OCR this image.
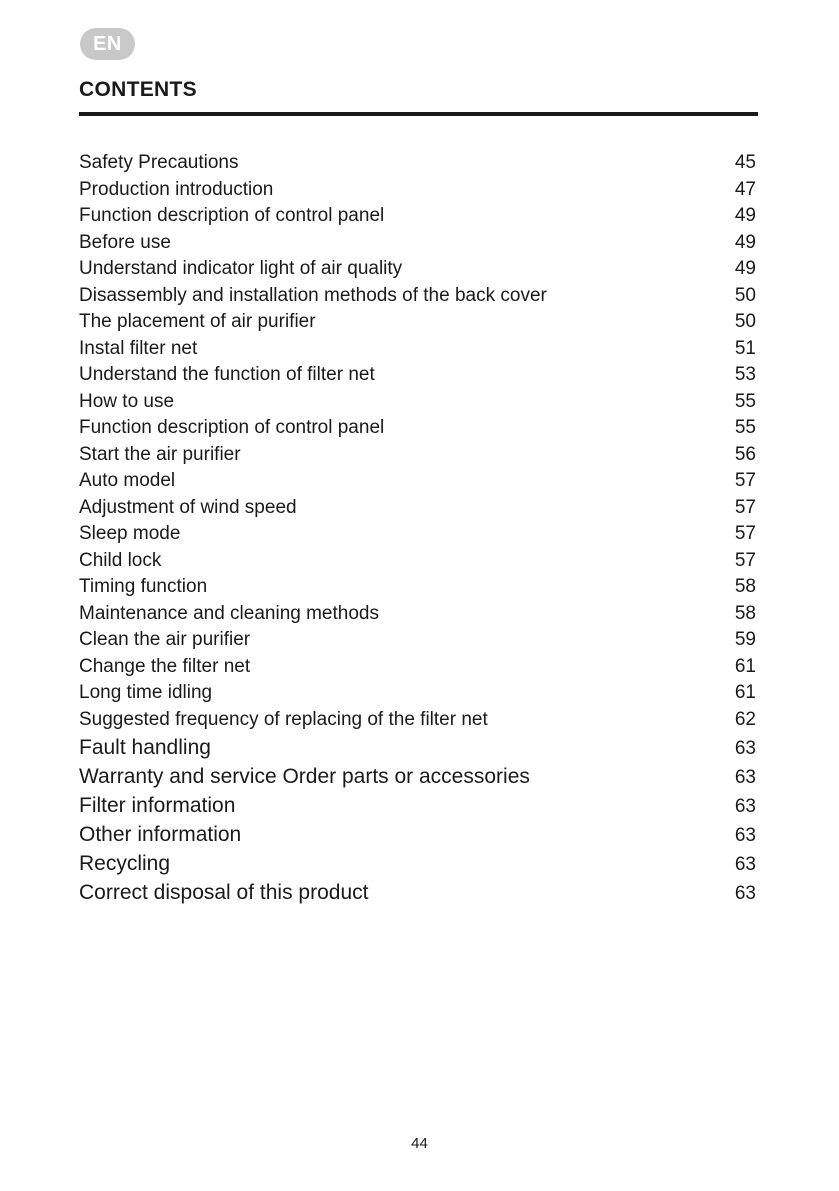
EN
CONTENTS
Safety Precautions	45
Production introduction	47
Function description of control panel	49
Before use	49
Understand indicator light of air quality	49
Disassembly and installation methods of the back cover	50
The placement of air purifier	50
Instal filter net	51
Understand the function of filter net	53
How to use	55
Function description of control panel	55
Start the air purifier	56
Auto model	57
Adjustment of wind speed	57
Sleep mode	57
Child lock	57
Timing function	58
Maintenance and cleaning methods	58
Clean the air purifier	59
Change the filter net	61
Long time idling	61
Suggested frequency of replacing of the filter net	62
Fault handling	63
Warranty and service Order parts or accessories	63
Filter information	63
Other information	63
Recycling	63
Correct disposal of this product	63
44
